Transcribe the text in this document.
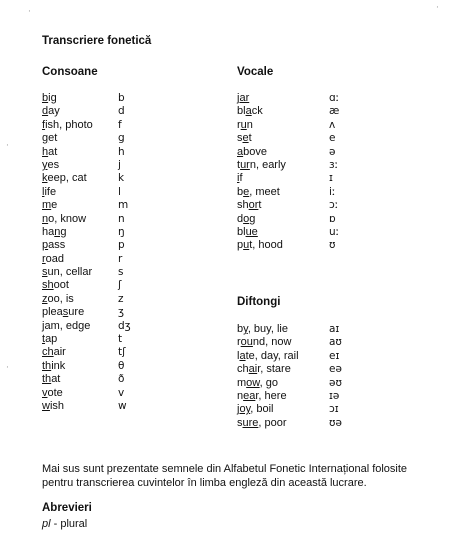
Transcriere fonetică
Consoane
big	b
day	d
fish, photo	f
get	g
hat	h
yes	j
keep, cat	k
life	l
me	m
no, know	n
hang	ŋ
pass	p
road	r
sun, cellar	s
shoot	ʃ
zoo, is	z
pleasure	ʒ
jam, edge	dʒ
tap	t
chair	tʃ
think	θ
that	ð
vote	v
wish	w
Vocale
jar	ɑː
black	æ
run	ʌ
set	e
above	ə
turn, early	ɜː
if	ɪ
be, meet	iː
short	ɔː
dog	ɒ
blue	uː
put, hood	ʊ
Diftongi
by, buy, lie	aɪ
round, now	aʊ
late, day, rail	eɪ
chair, stare	eə
mow, go	əʊ
near, here	ɪə
joy, boil	ɔɪ
sure, poor	ʊə
Mai sus sunt prezentate semnele din Alfabetul Fonetic Internațional folosite pentru transcrierea cuvintelor în limba engleză din această lucrare.
Abrevieri
pl - plural
·	·
·
·
